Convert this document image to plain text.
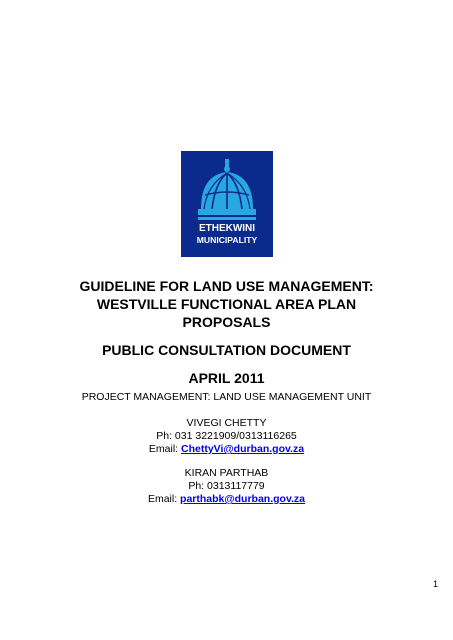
ETHEKWINI
MUNICIPALITY
GUIDELINE FOR LAND USE MANAGEMENT:
WESTVILLE FUNCTIONAL AREA PLAN
PROPOSALS
PUBLIC CONSULTATION DOCUMENT
APRIL 2011
PROJECT MANAGEMENT: LAND USE MANAGEMENT UNIT
VIVEGI CHETTY
Ph: 031 3221909/0313116265
Email: ChettyVi@durban.gov.za
KIRAN PARTHAB
Ph: 0313117779
Email: parthabk@durban.gov.za
1
